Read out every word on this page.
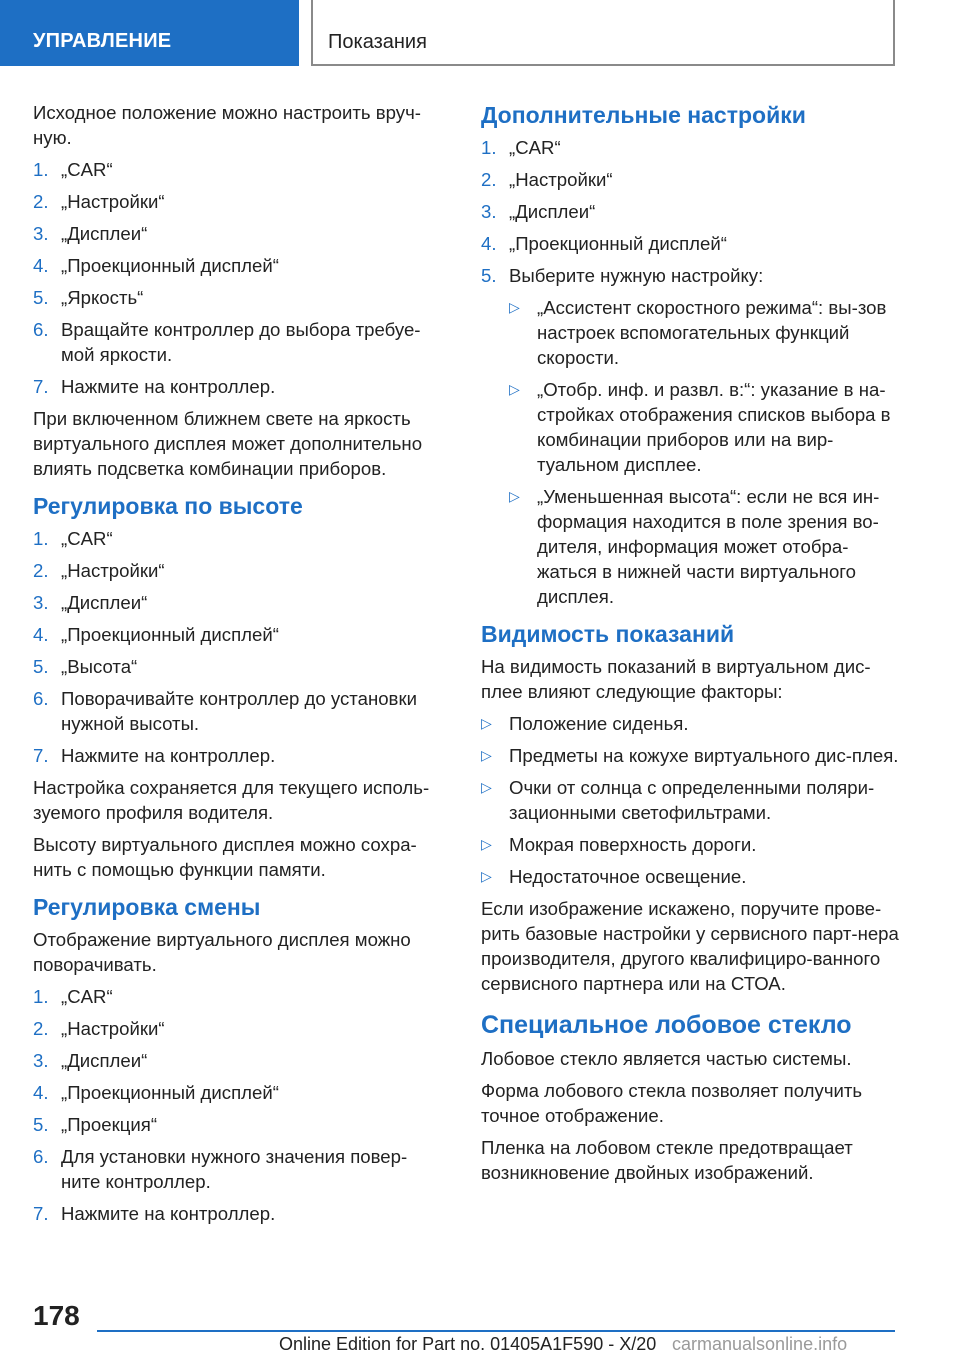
УПРАВЛЕНИЕ	Показания

Исходное положение можно настроить вруч-ную.

1. „CAR“
2. „Настройки“
3. „Дисплеи“
4. „Проекционный дисплей“
5. „Яркость“
6. Вращайте контроллер до выбора требуе-мой яркости.
7. Нажмите на контроллер.

При включенном ближнем свете на яркость виртуального дисплея может дополнительно влиять подсветка комбинации приборов.

Регулировка по высоте
1. „CAR“
2. „Настройки“
3. „Дисплеи“
4. „Проекционный дисплей“
5. „Высота“
6. Поворачивайте контроллер до установки нужной высоты.
7. Нажмите на контроллер.

Настройка сохраняется для текущего исполь-зуемого профиля водителя.

Высоту виртуального дисплея можно сохра-нить с помощью функции памяти.

Регулировка смены

Отображение виртуального дисплея можно поворачивать.

1. „CAR“
2. „Настройки“
3. „Дисплеи“
4. „Проекционный дисплей“
5. „Проекция“
6. Для установки нужного значения повер-ните контроллер.
7. Нажмите на контроллер.
Дополнительные настройки
1. „CAR“
2. „Настройки“
3. „Дисплеи“
4. „Проекционный дисплей“
5. Выберите нужную настройку:
▷ „Ассистент скоростного режима“: вы-зов настроек вспомогательных функций скорости.
▷ „Отобр. инф. и развл. в:“: указание в на-стройках отображения списков выбора в комбинации приборов или на вир-туальном дисплее.
▷ „Уменьшенная высота“: если не вся ин-формация находится в поле зрения во-дителя, информация может отобра-жаться в нижней части виртуального дисплея.
Видимость показаний

На видимость показаний в виртуальном дис-плее влияют следующие факторы:

▷ Положение сиденья.
▷ Предметы на кожухе виртуального дис-плея.
▷ Очки от солнца с определенными поляри-зационными светофильтрами.
▷ Мокрая поверхность дороги.
▷ Недостаточное освещение.

Если изображение искажено, поручите прове-рить базовые настройки у сервисного парт-нера производителя, другого квалифициро-ванного сервисного партнера или на СТОА.

Специальное лобовое стекло

Лобовое стекло является частью системы.

Форма лобового стекла позволяет получить точное отображение.

Пленка на лобовом стекле предотвращает возникновение двойных изображений.

178
Online Edition for Part no. 01405A1F590 - X/20 carmanualsonline.info
